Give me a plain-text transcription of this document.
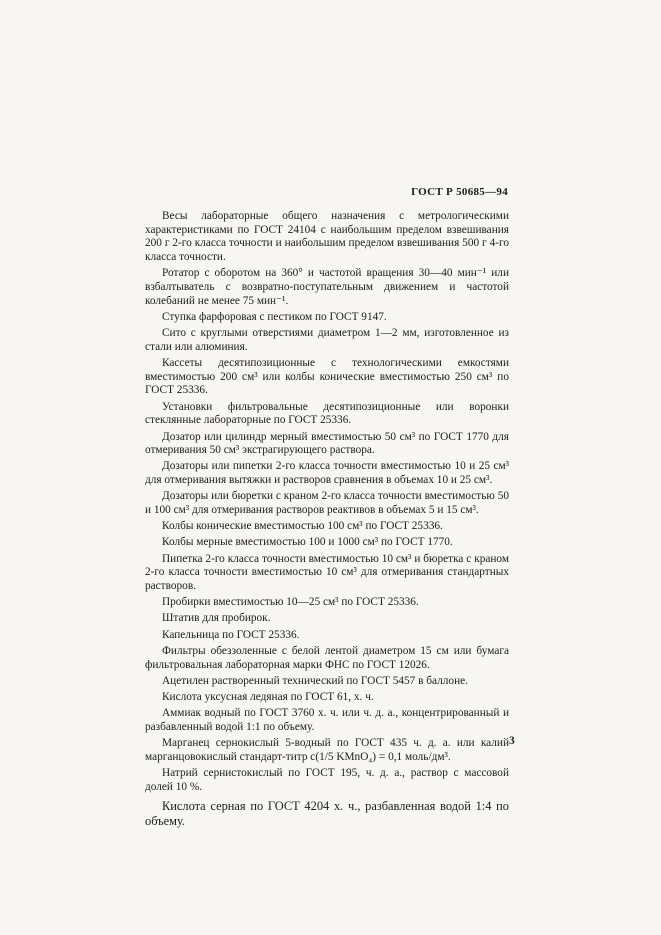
ГОСТ Р 50685—94

Весы лабораторные общего назначения с метрологическими характеристиками по ГОСТ 24104 с наибольшим пределом взвешивания 200 г 2-го класса точности и наибольшим пределом взвешивания 500 г 4-го класса точности.

Ротатор с оборотом на 360° и частотой вращения 30—40 мин⁻¹ или взбалтыватель с возвратно-поступательным движением и частотой колебаний не менее 75 мин⁻¹.

Ступка фарфоровая с пестиком по ГОСТ 9147.

Сито с круглыми отверстиями диаметром 1—2 мм, изготовленное из стали или алюминия.

Кассеты десятипозиционные с технологическими емкостями вместимостью 200 см³ или колбы конические вместимостью 250 см³ по ГОСТ 25336.

Установки фильтровальные десятипозиционные или воронки стеклянные лабораторные по ГОСТ 25336.

Дозатор или цилиндр мерный вместимостью 50 см³ по ГОСТ 1770 для отмеривания 50 см³ экстрагирующего раствора.

Дозаторы или пипетки 2-го класса точности вместимостью 10 и 25 см³ для отмеривания вытяжки и растворов сравнения в объемах 10 и 25 см³.

Дозаторы или бюретки с краном 2-го класса точности вместимостью 50 и 100 см³ для отмеривания растворов реактивов в объемах 5 и 15 см³.

Колбы конические вместимостью 100 см³ по ГОСТ 25336.

Колбы мерные вместимостью 100 и 1000 см³ по ГОСТ 1770.

Пипетка 2-го класса точности вместимостью 10 см³ и бюретка с краном 2-го класса точности вместимостью 10 см³ для отмеривания стандартных растворов.

Пробирки вместимостью 10—25 см³ по ГОСТ 25336.

Штатив для пробирок.

Капельница по ГОСТ 25336.

Фильтры обеззоленные с белой лентой диаметром 15 см или бумага фильтровальная лабораторная марки ФНС по ГОСТ 12026.

Ацетилен растворенный технический по ГОСТ 5457 в баллоне.

Кислота уксусная ледяная по ГОСТ 61, х. ч.

Аммиак водный по ГОСТ 3760 х. ч. или ч. д. а., концентрированный и разбавленный водой 1:1 по объему.

Марганец сернокислый 5-водный по ГОСТ 435 ч. д. а. или калий марганцовокислый стандарт-титр c(1/5 KMnO₄) = 0,1 моль/дм³.

Натрий сернистокислый по ГОСТ 195, ч. д. а., раствор с массовой долей 10 %.

Кислота серная по ГОСТ 4204 х. ч., разбавленная водой 1:4 по объему.

3
